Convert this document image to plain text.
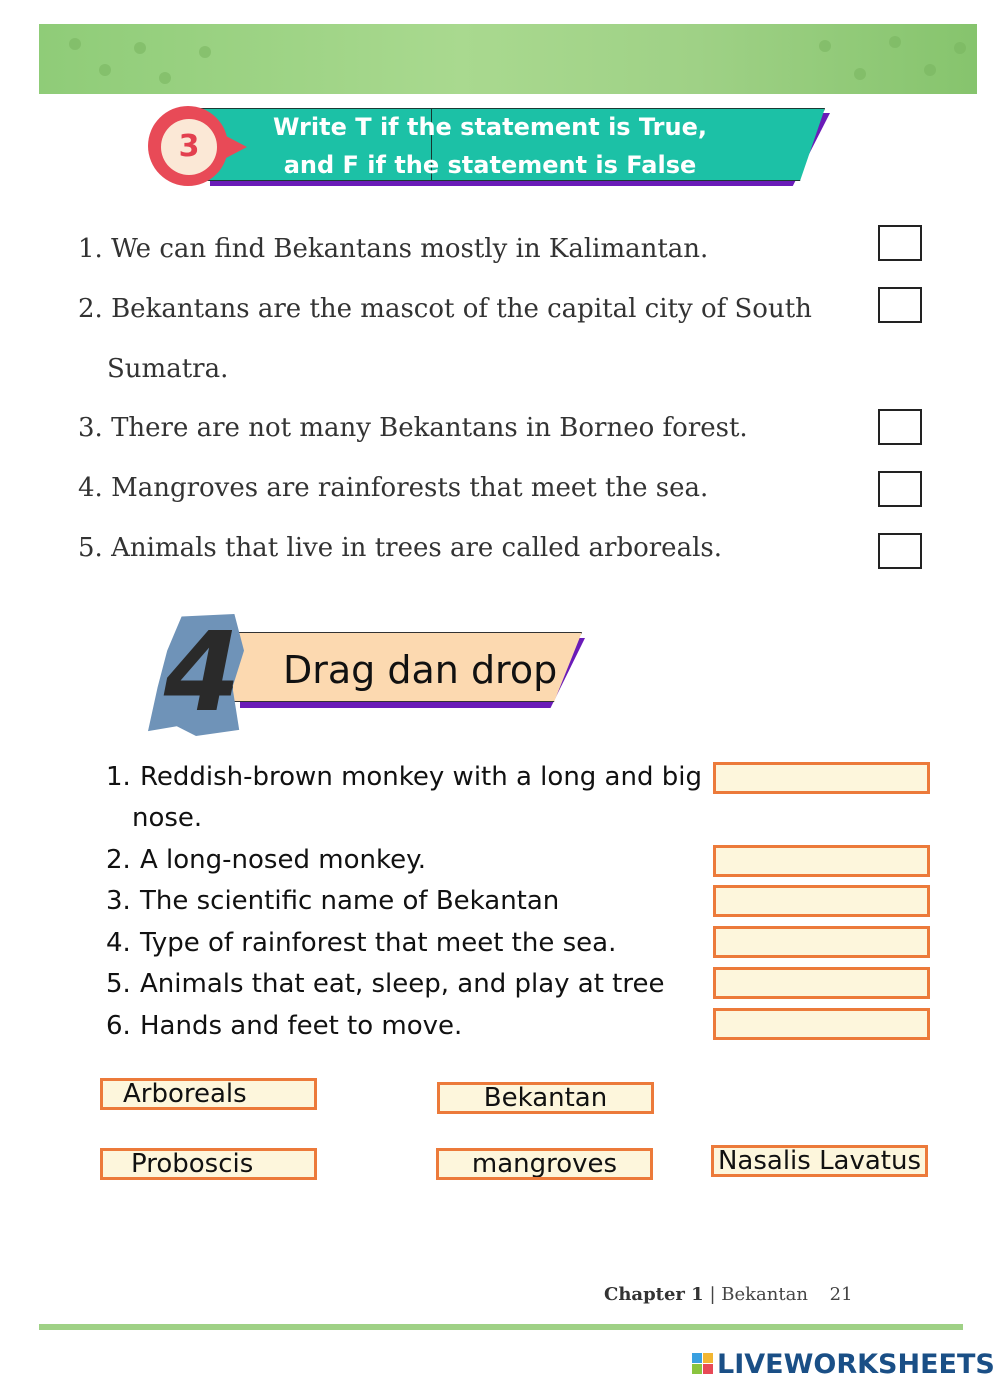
Write T if the statement is True,
and F if the statement is False
3
1. We can find Bekantans mostly in Kalimantan.
2. Bekantans are the mascot of the capital city of South
Sumatra.
3. There are not many Bekantans in Borneo forest.
4. Mangroves are rainforests that meet the sea.
5. Animals that live in trees are called arboreals.
Drag dan drop
4
1. Reddish-brown monkey with a long and big
nose.
2. A long-nosed monkey.
3. The scientific name of Bekantan
4. Type of rainforest that meet the sea.
5. Animals that eat, sleep, and play at tree
6. Hands and feet to move.
Arboreals	Bekantan
Proboscis	mangroves	Nasalis Lavatus
Chapter 1 | Bekantan 21
LIVEWORKSHEETS
